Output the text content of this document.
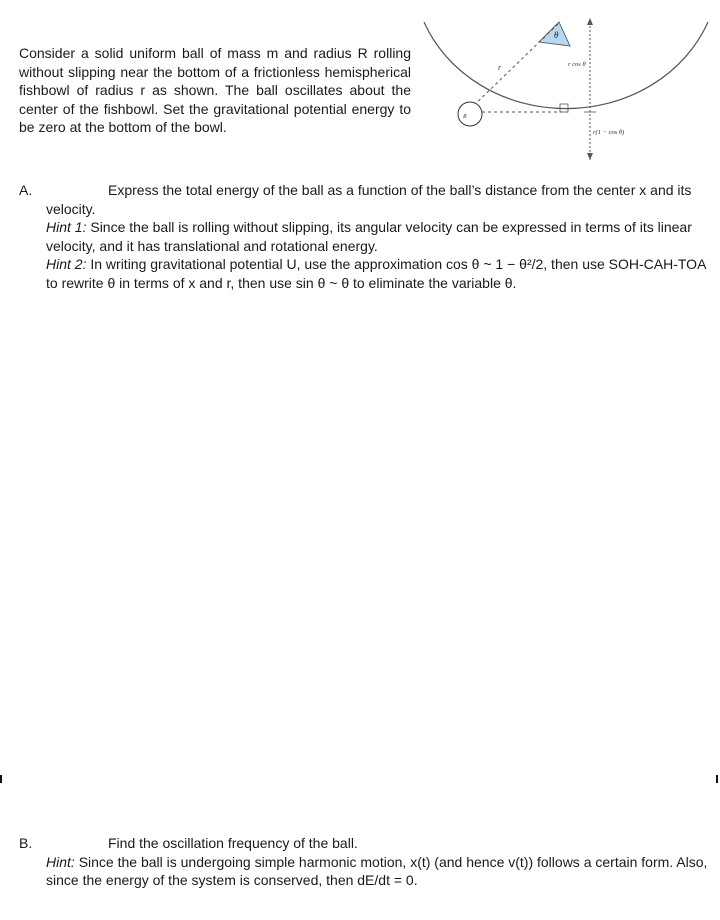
Consider a solid uniform ball of mass m and radius R rolling without slipping near the bottom of a frictionless hemispherical fishbowl of radius r as shown. The ball oscillates about the center of the fishbowl. Set the gravitational potential energy to be zero at the bottom of the bowl.

θ
r
R
r cos θ
r(1 − cos θ)
A.	Express the total energy of the ball as a function of the ball’s distance from the center x and its velocity.
Hint 1: Since the ball is rolling without slipping, its angular velocity can be expressed in terms of its linear velocity, and it has translational and rotational energy.
Hint 2: In writing gravitational potential U, use the approximation cos θ ~ 1 − θ²/2, then use SOH-CAH-TOA to rewrite θ in terms of x and r, then use sin θ ~ θ to eliminate the variable θ.
B.	Find the oscillation frequency of the ball.
Hint: Since the ball is undergoing simple harmonic motion, x(t) (and hence v(t)) follows a certain form. Also, since the energy of the system is conserved, then dE/dt = 0.
